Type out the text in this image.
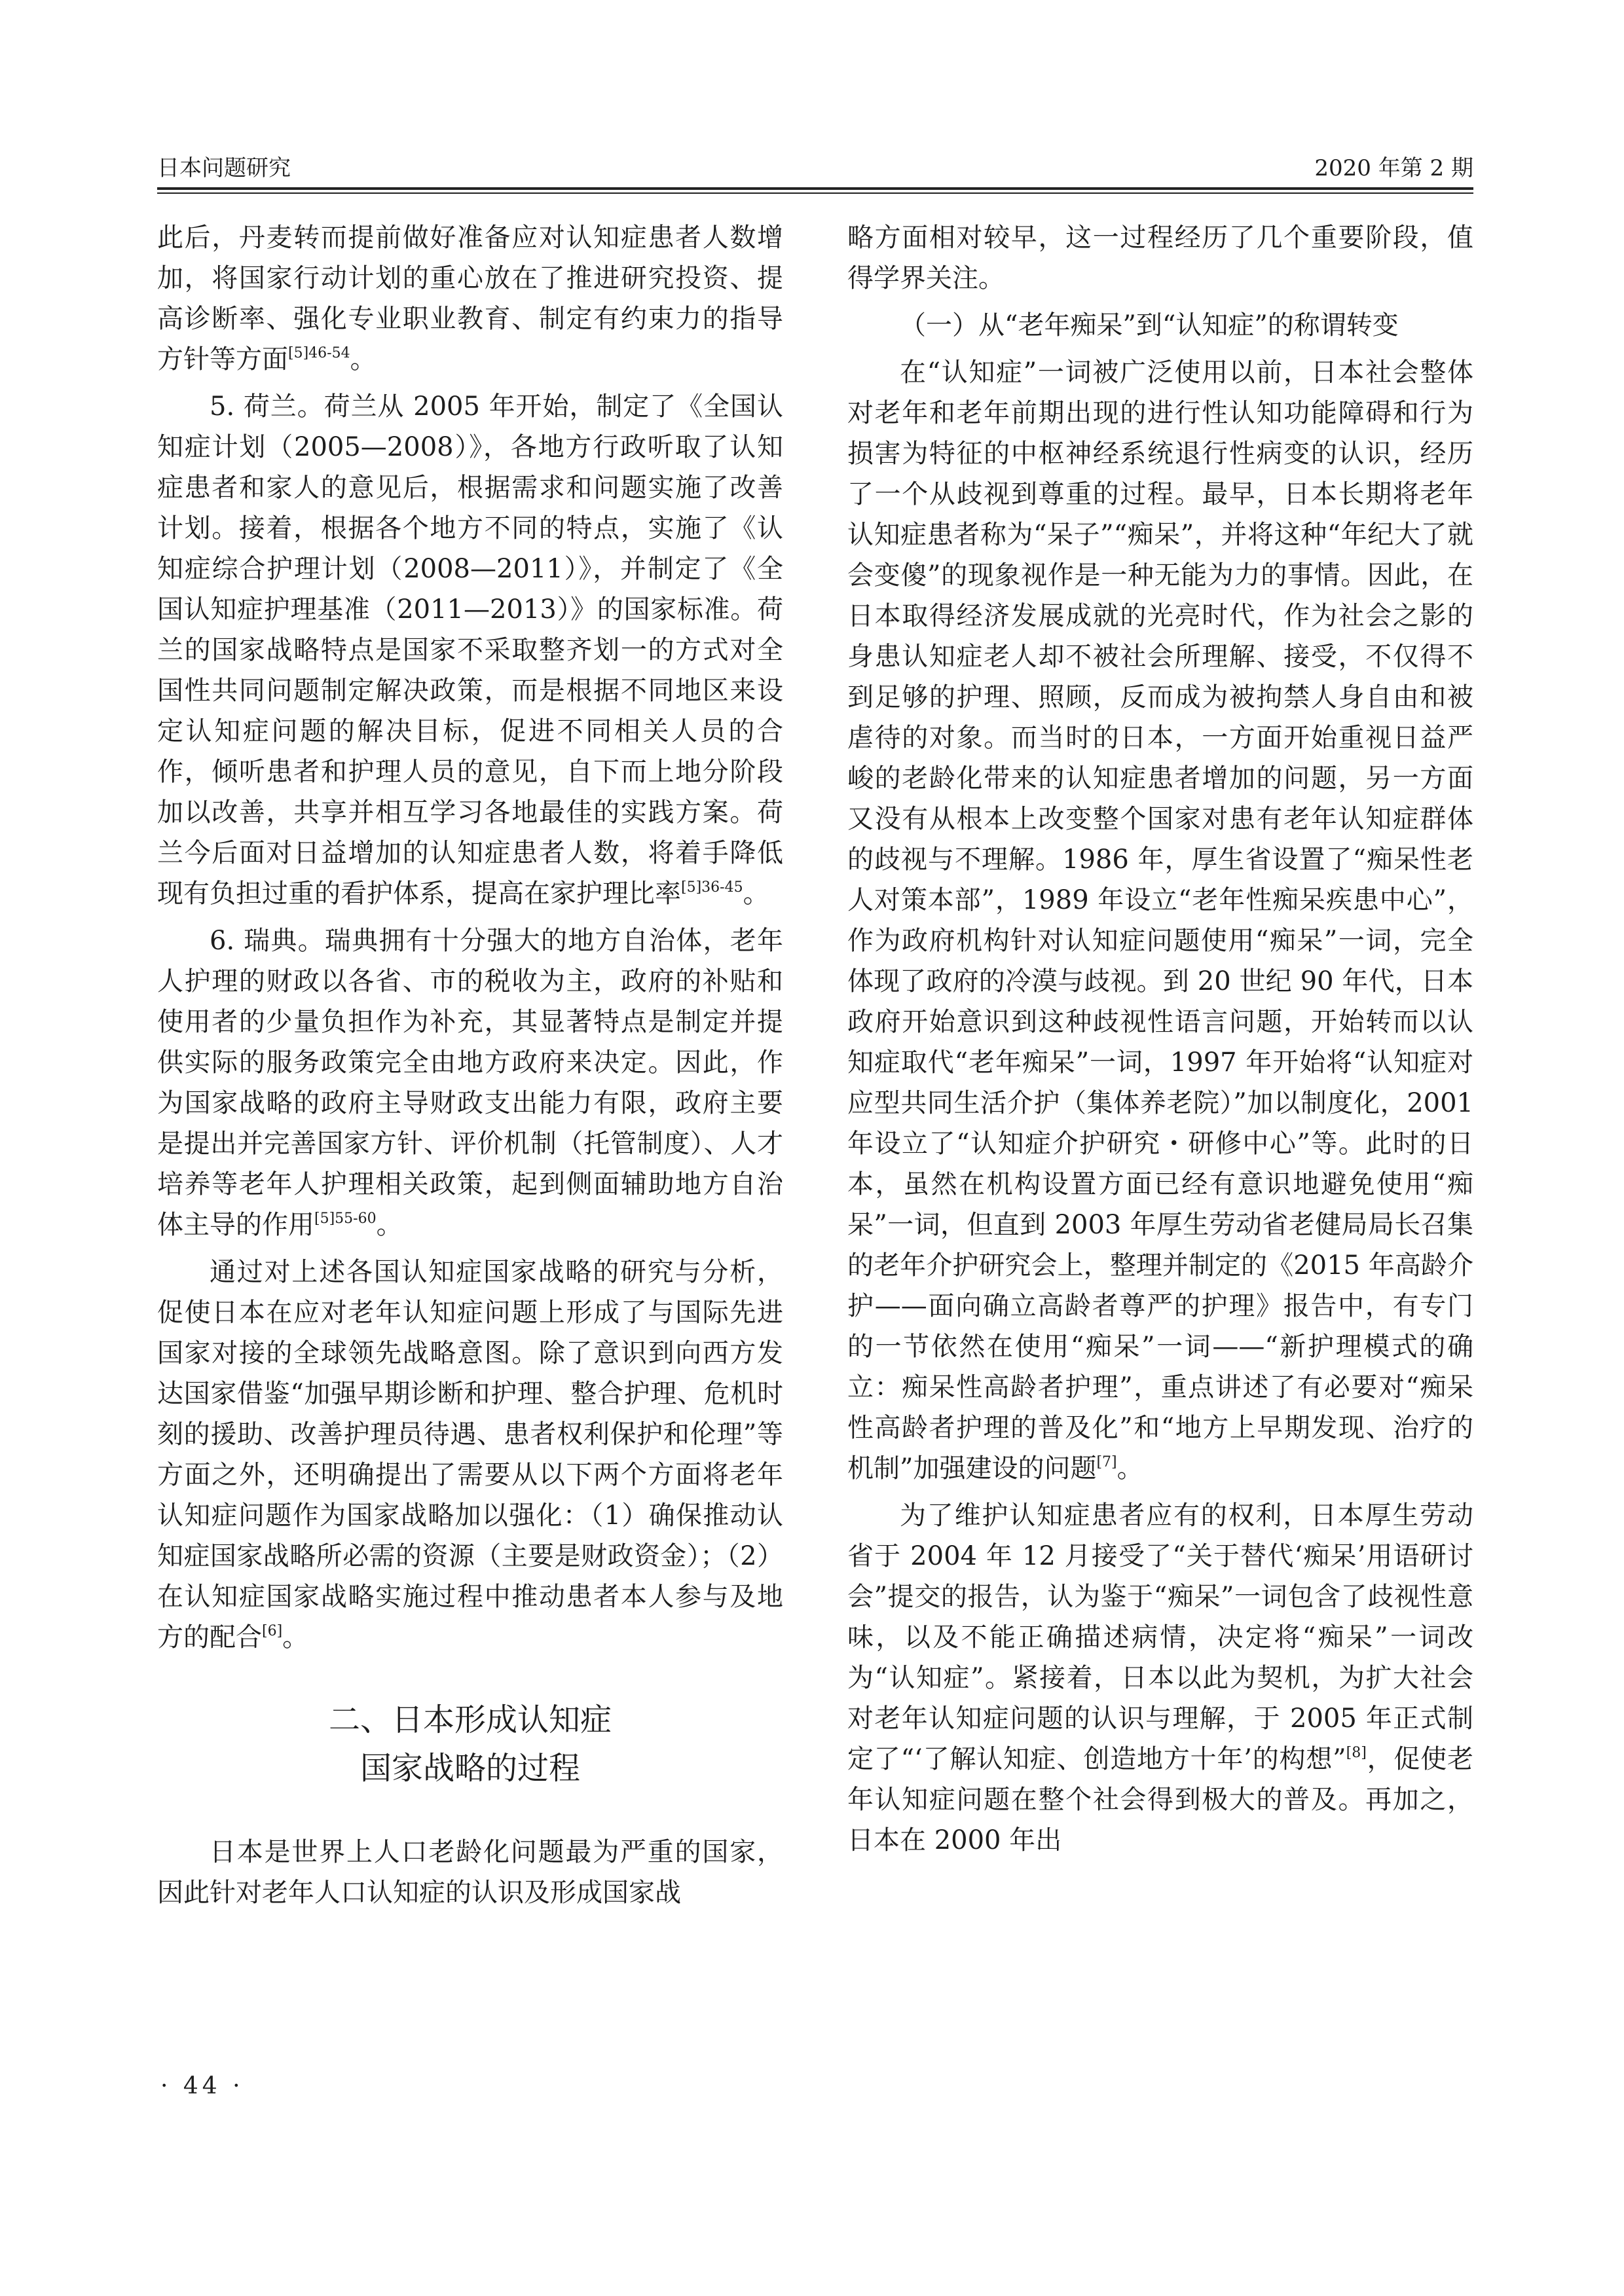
日本问题研究	2020 年第 2 期

此后，丹麦转而提前做好准备应对认知症患者人数增加，将国家行动计划的重心放在了推进研究投资、提高诊断率、强化专业职业教育、制定有约束力的指导方针等方面$^{[5]46-54}$。

5. 荷兰。荷兰从 2005 年开始，制定了《全国认知症计划（2005—2008）》，各地方行政听取了认知症患者和家人的意见后，根据需求和问题实施了改善计划。接着，根据各个地方不同的特点，实施了《认知症综合护理计划（2008—2011）》，并制定了《全国认知症护理基准（2011—2013）》的国家标准。荷兰的国家战略特点是国家不采取整齐划一的方式对全国性共同问题制定解决政策，而是根据不同地区来设定认知症问题的解决目标，促进不同相关人员的合作，倾听患者和护理人员的意见，自下而上地分阶段加以改善，共享并相互学习各地最佳的实践方案。荷兰今后面对日益增加的认知症患者人数，将着手降低现有负担过重的看护体系，提高在家护理比率$^{[5]36-45}$。

6. 瑞典。瑞典拥有十分强大的地方自治体，老年人护理的财政以各省、市的税收为主，政府的补贴和使用者的少量负担作为补充，其显著特点是制定并提供实际的服务政策完全由地方政府来决定。因此，作为国家战略的政府主导财政支出能力有限，政府主要是提出并完善国家方针、评价机制（托管制度）、人才培养等老年人护理相关政策，起到侧面辅助地方自治体主导的作用$^{[5]55-60}$。

通过对上述各国认知症国家战略的研究与分析，促使日本在应对老年认知症问题上形成了与国际先进国家对接的全球领先战略意图。除了意识到向西方发达国家借鉴“加强早期诊断和护理、整合护理、危机时刻的援助、改善护理员待遇、患者权利保护和伦理”等方面之外，还明确提出了需要从以下两个方面将老年认知症问题作为国家战略加以强化：（1）确保推动认知症国家战略所必需的资源（主要是财政资金）；（2）在认知症国家战略实施过程中推动患者本人参与及地方的配合[6]。

二、日本形成认知症
国家战略的过程

日本是世界上人口老龄化问题最为严重的国家，因此针对老年人口认知症的认识及形成国家战

略方面相对较早，这一过程经历了几个重要阶段，值得学界关注。

（一）从“老年痴呆”到“认知症”的称谓转变

在“认知症”一词被广泛使用以前，日本社会整体对老年和老年前期出现的进行性认知功能障碍和行为损害为特征的中枢神经系统退行性病变的认识，经历了一个从歧视到尊重的过程。最早，日本长期将老年认知症患者称为“呆子”“痴呆”，并将这种“年纪大了就会变傻”的现象视作是一种无能为力的事情。因此，在日本取得经济发展成就的光亮时代，作为社会之影的身患认知症老人却不被社会所理解、接受，不仅得不到足够的护理、照顾，反而成为被拘禁人身自由和被虐待的对象。而当时的日本，一方面开始重视日益严峻的老龄化带来的认知症患者增加的问题，另一方面又没有从根本上改变整个国家对患有老年认知症群体的歧视与不理解。1986 年，厚生省设置了“痴呆性老人对策本部”，1989 年设立“老年性痴呆疾患中心”，作为政府机构针对认知症问题使用“痴呆”一词，完全体现了政府的冷漠与歧视。到 20 世纪 90 年代，日本政府开始意识到这种歧视性语言问题，开始转而以认知症取代“老年痴呆”一词，1997 年开始将“认知症对应型共同生活介护（集体养老院）”加以制度化，2001 年设立了“认知症介护研究・研修中心”等。此时的日本，虽然在机构设置方面已经有意识地避免使用“痴呆”一词，但直到 2003 年厚生劳动省老健局局长召集的老年介护研究会上，整理并制定的《2015 年高龄介护——面向确立高龄者尊严的护理》报告中，有专门的一节依然在使用“痴呆”一词——“新护理模式的确立：痴呆性高龄者护理”，重点讲述了有必要对“痴呆性高龄者护理的普及化”和“地方上早期发现、治疗的机制”加强建设的问题[7]。

为了维护认知症患者应有的权利，日本厚生劳动省于 2004 年 12 月接受了“关于替代‘痴呆’用语研讨会”提交的报告，认为鉴于“痴呆”一词包含了歧视性意味，以及不能正确描述病情，决定将“痴呆”一词改为“认知症”。紧接着，日本以此为契机，为扩大社会对老年认知症问题的认识与理解，于 2005 年正式制定了“‘了解认知症、创造地方十年’的构想”[8]，促使老年认知症问题在整个社会得到极大的普及。再加之，日本在 2000 年出

· 44 ·
